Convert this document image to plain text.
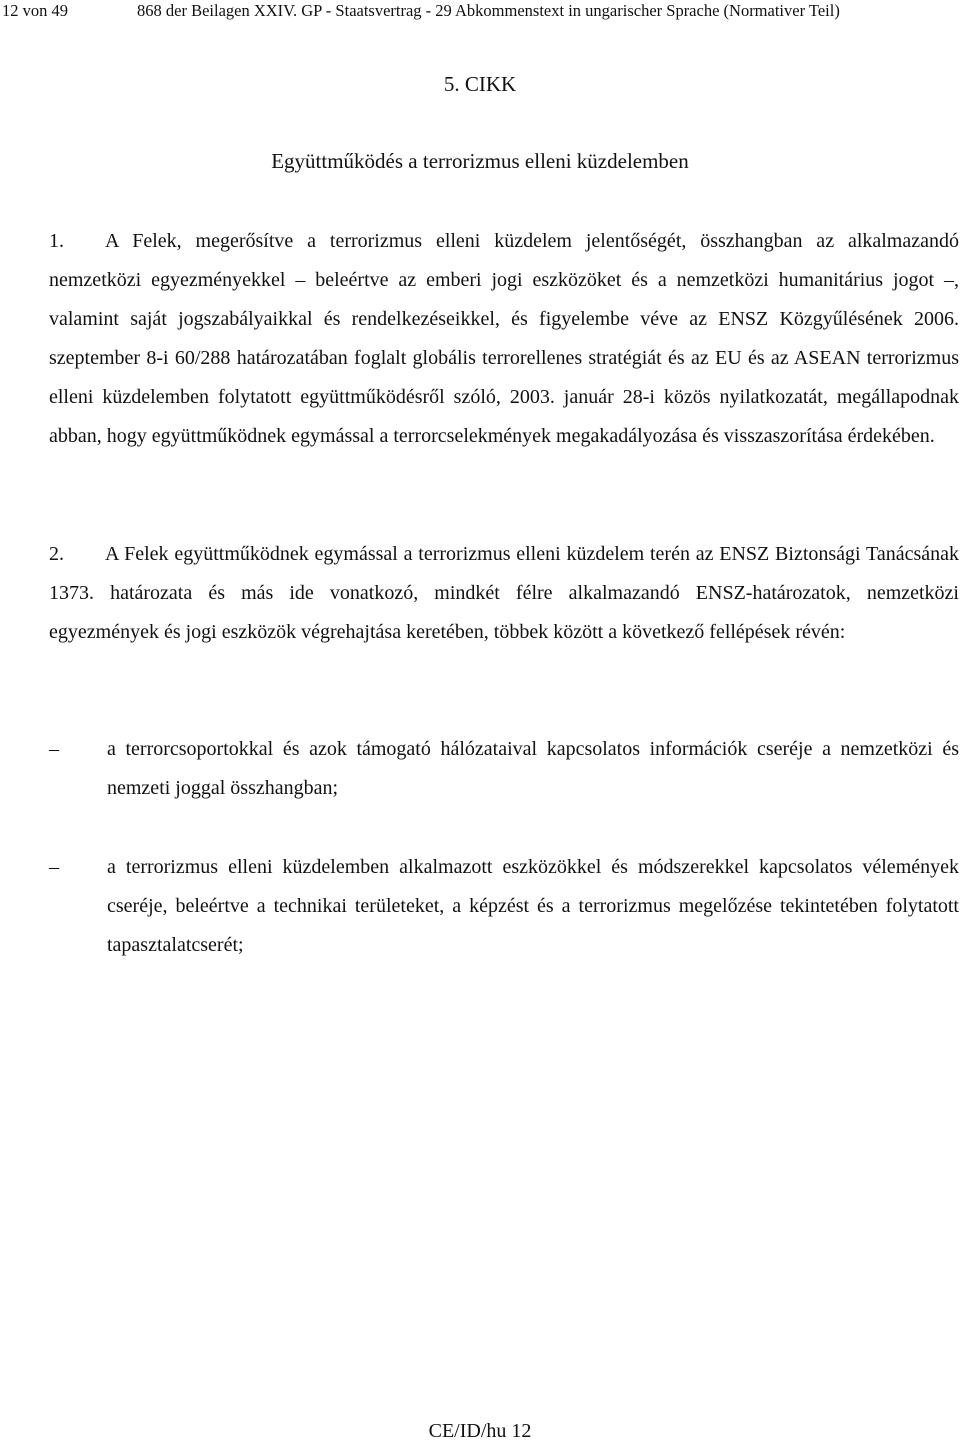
12 von 49	868 der Beilagen XXIV. GP - Staatsvertrag - 29 Abkommenstext in ungarischer Sprache (Normativer Teil)
5. CIKK
Együttműködés a terrorizmus elleni küzdelemben
1. A Felek, megerősítve a terrorizmus elleni küzdelem jelentőségét, összhangban az alkalmazandó nemzetközi egyezményekkel – beleértve az emberi jogi eszközöket és a nemzetközi humanitárius jogot –, valamint saját jogszabályaikkal és rendelkezéseikkel, és figyelembe véve az ENSZ Közgyűlésének 2006. szeptember 8-i 60/288 határozatában foglalt globális terrorellenes stratégiát és az EU és az ASEAN terrorizmus elleni küzdelemben folytatott együttműködésről szóló, 2003. január 28-i közös nyilatkozatát, megállapodnak abban, hogy együttműködnek egymással a terrorcselekmények megakadályozása és visszaszorítása érdekében.
2. A Felek együttműködnek egymással a terrorizmus elleni küzdelem terén az ENSZ Biztonsági Tanácsának 1373. határozata és más ide vonatkozó, mindkét félre alkalmazandó ENSZ-határozatok, nemzetközi egyezmények és jogi eszközök végrehajtása keretében, többek között a következő fellépések révén:
– a terrorcsoportokkal és azok támogató hálózataival kapcsolatos információk cseréje a nemzetközi és nemzeti joggal összhangban;
– a terrorizmus elleni küzdelemben alkalmazott eszközökkel és módszerekkel kapcsolatos vélemények cseréje, beleértve a technikai területeket, a képzést és a terrorizmus megelőzése tekintetében folytatott tapasztalatcserét;
CE/ID/hu 12
